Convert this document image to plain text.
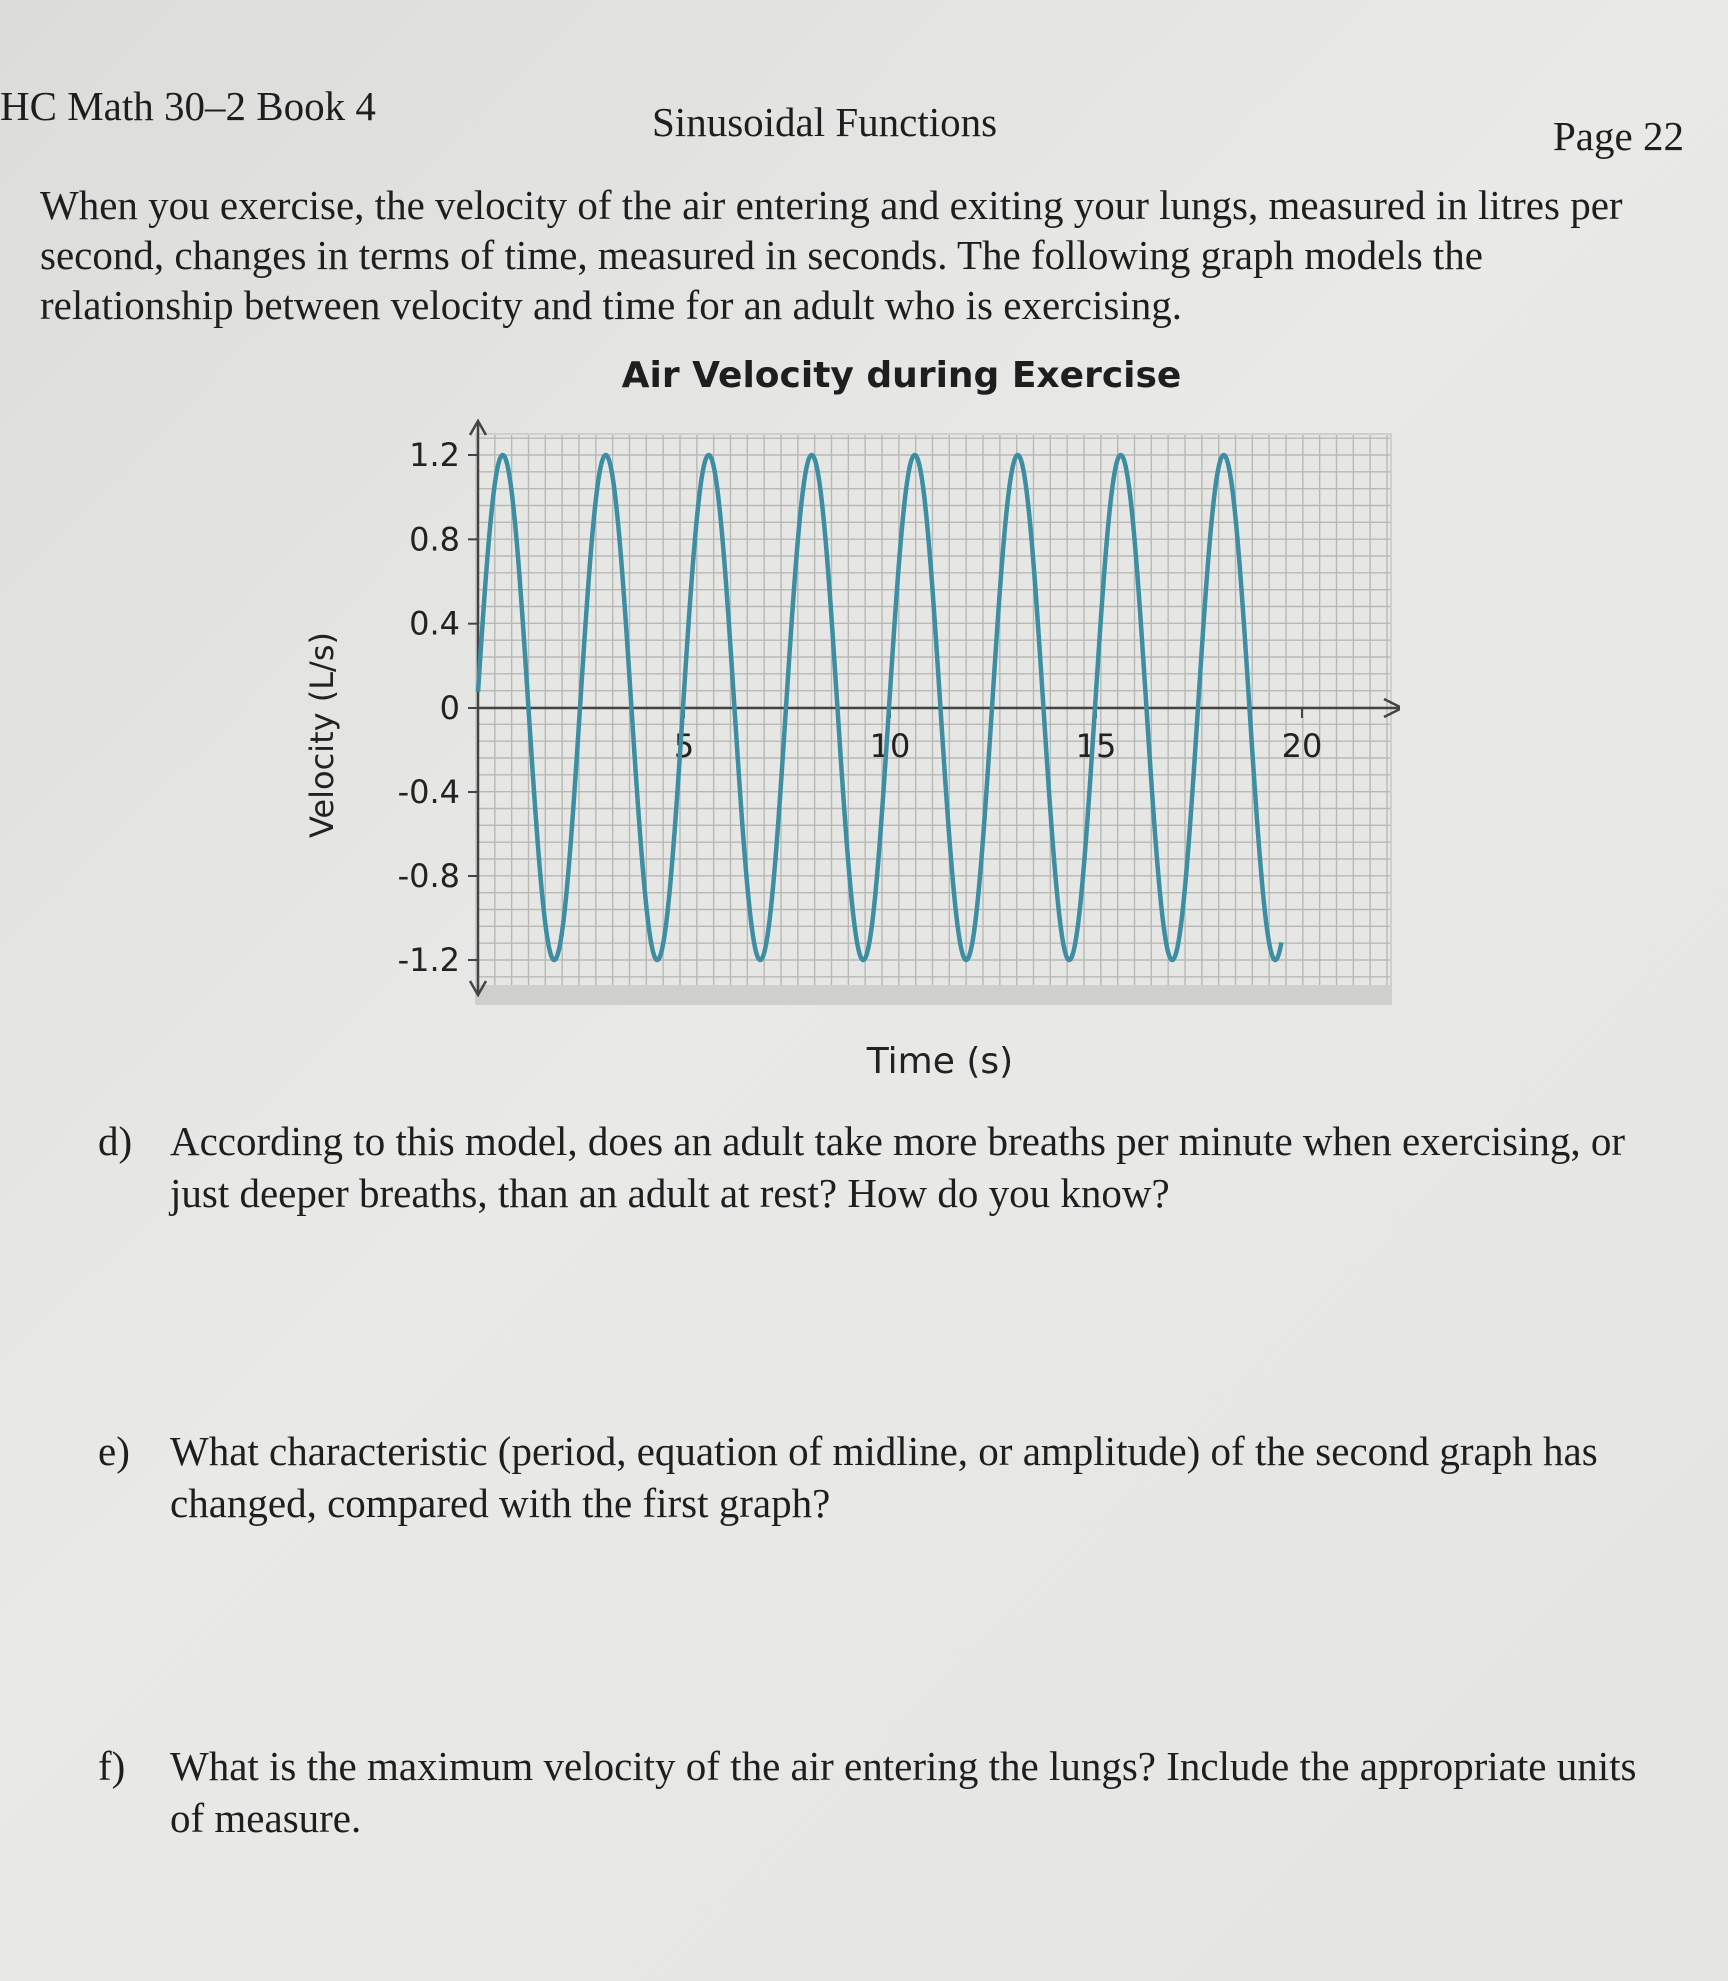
HC Math 30–2 Book 4	Sinusoidal Functions	Page 22

When you exercise, the velocity of the air entering and exiting your lungs, measured in litres per second, changes in terms of time, measured in seconds. The following graph models the relationship between velocity and time for an adult who is exercising.

Air Velocity during Exercise
1.2
0.8
0.4
0
-0.4
-0.8
-1.2
5	10	15	20
Velocity (L/s)
Time (s)
d) According to this model, does an adult take more breaths per minute when exercising, or just deeper breaths, than an adult at rest? How do you know?
e) What characteristic (period, equation of midline, or amplitude) of the second graph has changed, compared with the first graph?
f) What is the maximum velocity of the air entering the lungs? Include the appropriate units of measure.
